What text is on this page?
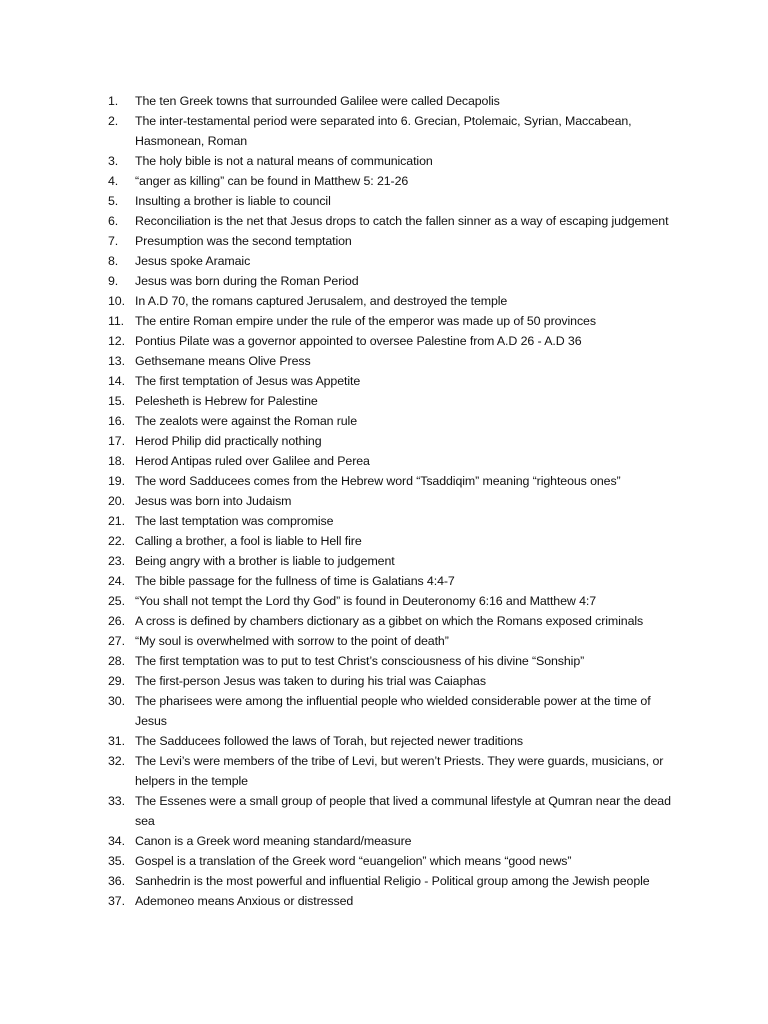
1.	The ten Greek towns that surrounded Galilee were called Decapolis
2.	The inter-testamental period were separated into 6. Grecian, Ptolemaic, Syrian, Maccabean, Hasmonean, Roman
3.	The holy bible is not a natural means of communication
4.	“anger as killing” can be found in Matthew 5: 21-26
5.	Insulting a brother is liable to council
6.	Reconciliation is the net that Jesus drops to catch the fallen sinner as a way of escaping judgement
7.	Presumption was the second temptation
8.	Jesus spoke Aramaic
9.	Jesus was born during the Roman Period
10. In A.D 70, the romans captured Jerusalem, and destroyed the temple
11. The entire Roman empire under the rule of the emperor was made up of 50 provinces
12. Pontius Pilate was a governor appointed to oversee Palestine from A.D 26 - A.D 36
13. Gethsemane means Olive Press
14. The first temptation of Jesus was Appetite
15. Pelesheth is Hebrew for Palestine
16. The zealots were against the Roman rule
17. Herod Philip did practically nothing
18. Herod Antipas ruled over Galilee and Perea
19. The word Sadducees comes from the Hebrew word “Tsaddiqim” meaning “righteous ones”
20. Jesus was born into Judaism
21. The last temptation was compromise
22. Calling a brother, a fool is liable to Hell fire
23. Being angry with a brother is liable to judgement
24. The bible passage for the fullness of time is Galatians 4:4-7
25. “You shall not tempt the Lord thy God” is found in Deuteronomy 6:16 and Matthew 4:7
26. A cross is defined by chambers dictionary as a gibbet on which the Romans exposed criminals
27. “My soul is overwhelmed with sorrow to the point of death”
28. The first temptation was to put to test Christ’s consciousness of his divine “Sonship”
29. The first-person Jesus was taken to during his trial was Caiaphas
30. The pharisees were among the influential people who wielded considerable power at the time of Jesus
31. The Sadducees followed the laws of Torah, but rejected newer traditions
32. The Levi’s were members of the tribe of Levi, but weren’t Priests. They were guards, musicians, or helpers in the temple
33. The Essenes were a small group of people that lived a communal lifestyle at Qumran near the dead sea
34. Canon is a Greek word meaning standard/measure
35. Gospel is a translation of the Greek word “euangelion” which means “good news”
36. Sanhedrin is the most powerful and influential Religio - Political group among the Jewish people
37. Ademoneo means Anxious or distressed
